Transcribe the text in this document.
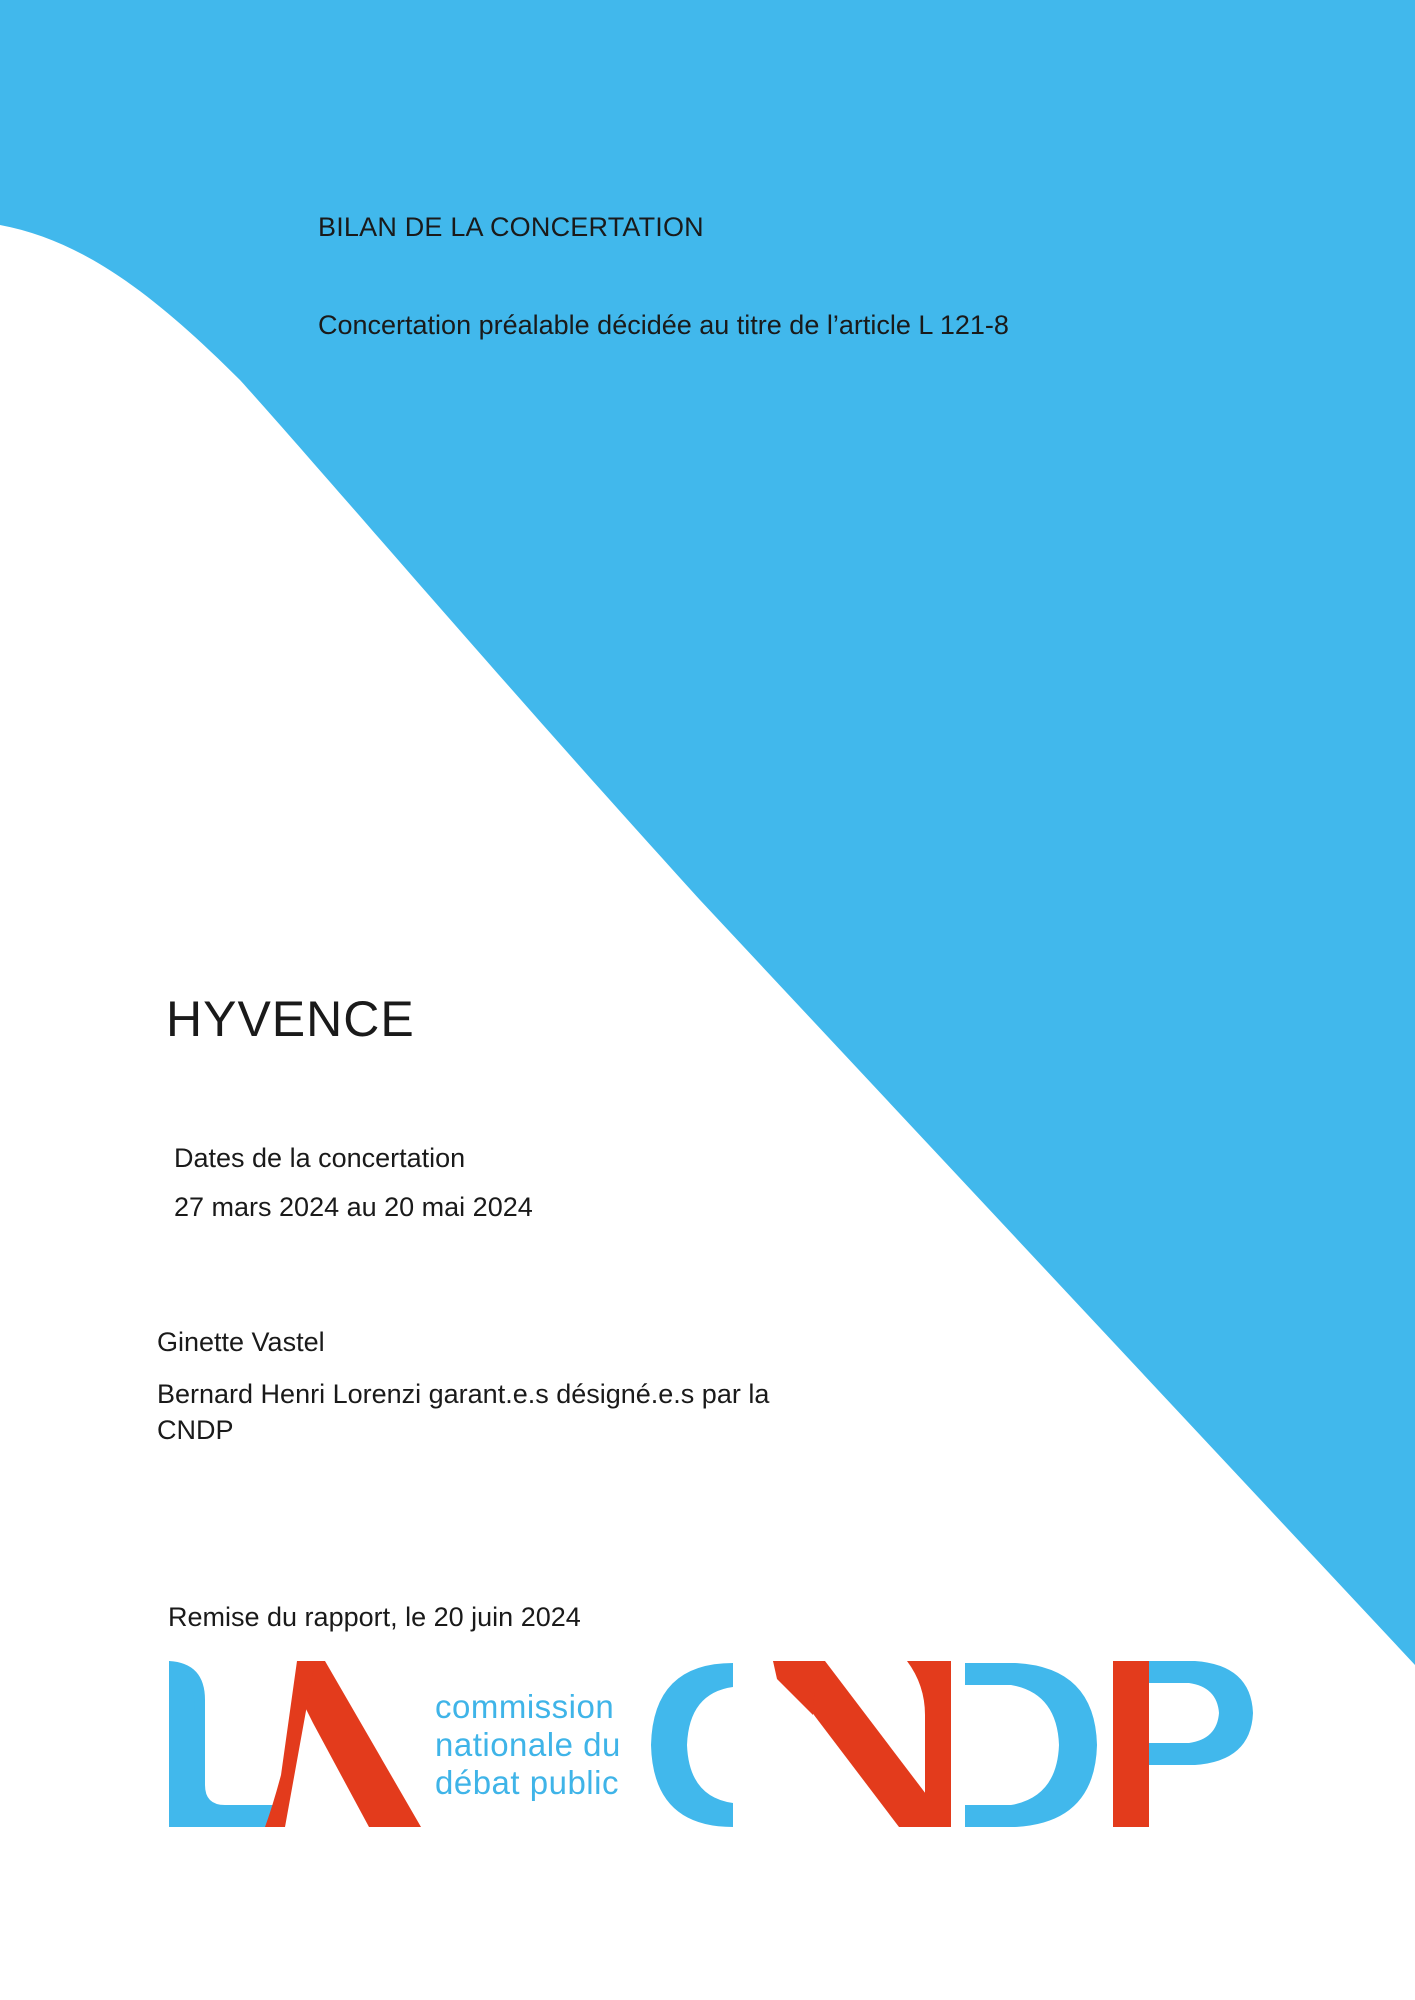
BILAN DE LA CONCERTATION

Concertation préalable décidée au titre de l’article L 121-8

HYVENCE

Dates de la concertation

27 mars 2024 au 20 mai 2024

Ginette Vastel

Bernard Henri Lorenzi garant.e.s désigné.e.s par la CNDP

Remise du rapport, le 20 juin 2024

commission
nationale du
débat public
